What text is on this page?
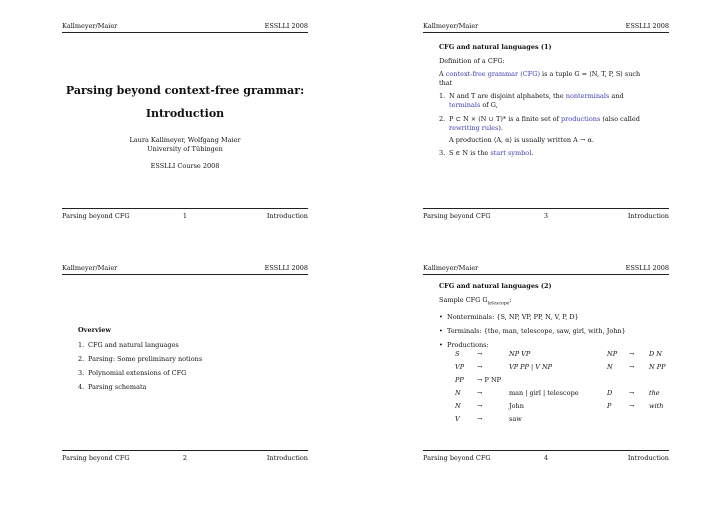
Kallmeyer/Maier	ESSLLI 2008
Parsing beyond context-free grammar:
Introduction
Laura Kallmeyer, Wolfgang Maier
University of Tübingen
ESSLLI Course 2008
Parsing beyond CFG	1	Introduction
Kallmeyer/Maier	ESSLLI 2008
CFG and natural languages (1)
Definition of a CFG:
A context-free grammar (CFG) is a tuple G = ⟨N, T, P, S⟩ such
that
1. N and T are disjoint alphabets, the nonterminals and
terminals of G,
2. P ⊂ N × (N ∪ T)* is a finite set of productions (also called
rewriting rules).
A production ⟨A, α⟩ is usually written A → α.
3. S ∈ N is the start symbol.
Parsing beyond CFG	3	Introduction
Kallmeyer/Maier	ESSLLI 2008
Overview
1. CFG and natural languages
2. Parsing: Some preliminary notions
3. Polynomial extensions of CFG
4. Parsing schemata
Parsing beyond CFG	2	Introduction
Kallmeyer/Maier	ESSLLI 2008
CFG and natural languages (2)
Sample CFG $G_{telescope}$:
• Nonterminals: {S, NP, VP, PP, N, V, P, D}
• Terminals: {the, man, telescope, saw, girl, with, John}
• Productions:
S	→	NP VP	NP → D N
VP →	VP PP | V NP	N	→ N PP
PP → P NP
N	→	man | girl | telescope	D	→ the
N	→	John	P	→ with
V	→	saw
Parsing beyond CFG	4	Introduction
